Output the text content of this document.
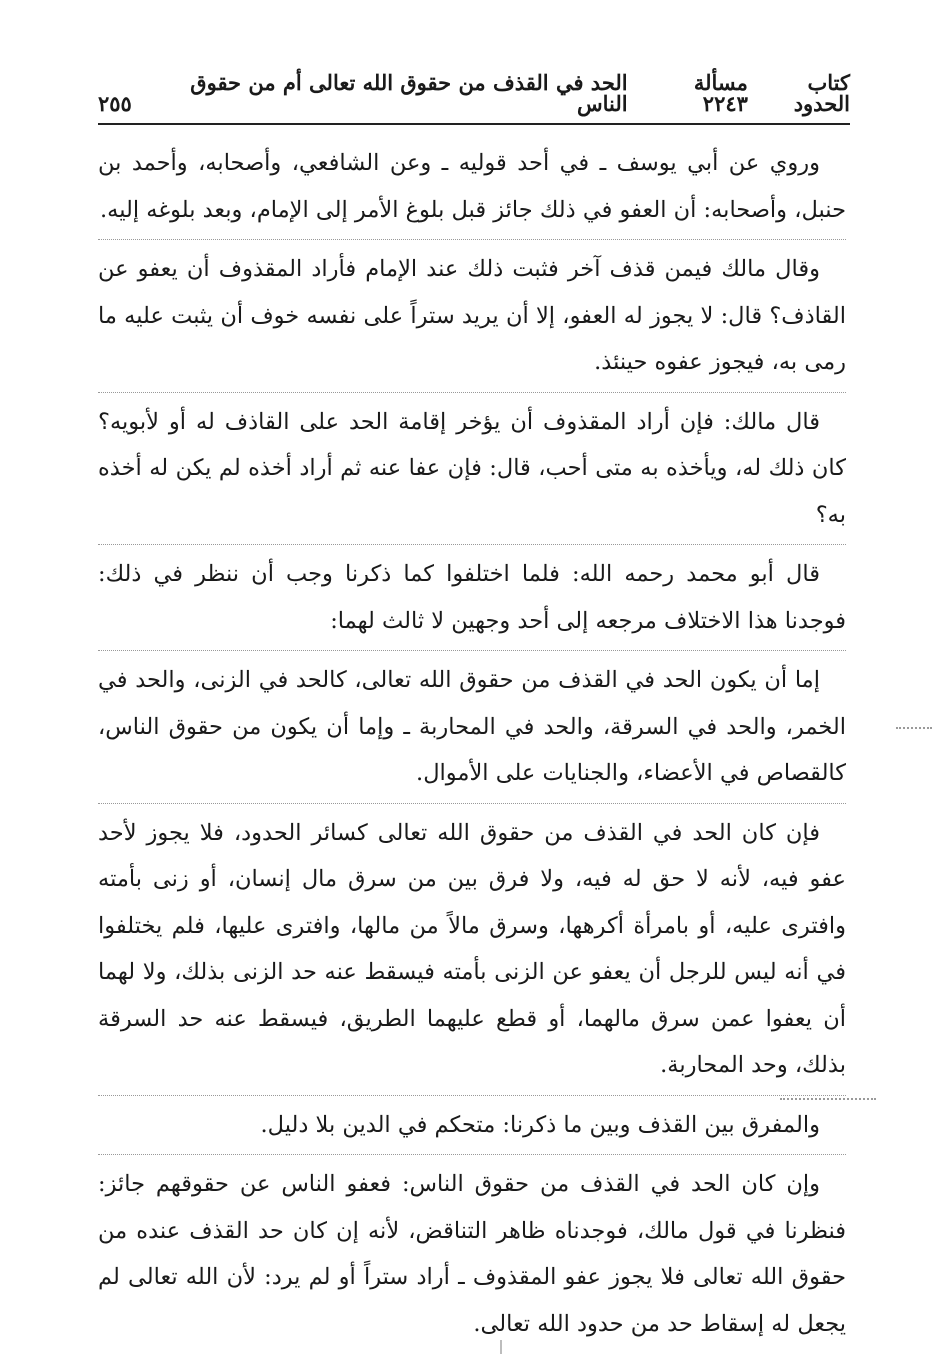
كتاب الحدود
مسألة ٢٢٤٣
الحد في القذف من حقوق الله تعالى أم من حقوق الناس
٢٥٥

وروي عن أبي يوسف ـ في أحد قوليه ـ وعن الشافعي، وأصحابه، وأحمد بن حنبل، وأصحابه: أن العفو في ذلك جائز قبل بلوغ الأمر إلى الإمام، وبعد بلوغه إليه.

وقال مالك فيمن قذف آخر فثبت ذلك عند الإمام فأراد المقذوف أن يعفو عن القاذف؟ قال: لا يجوز له العفو، إلا أن يريد ستراً على نفسه خوف أن يثبت عليه ما رمى به، فيجوز عفوه حينئذ.

قال مالك: فإن أراد المقذوف أن يؤخر إقامة الحد على القاذف له أو لأبويه؟ كان ذلك له، ويأخذه به متى أحب، قال: فإن عفا عنه ثم أراد أخذه لم يكن له أخذه به؟

قال أبو محمد رحمه الله: فلما اختلفوا كما ذكرنا وجب أن ننظر في ذلك: فوجدنا هذا الاختلاف مرجعه إلى أحد وجهين لا ثالث لهما:

إما أن يكون الحد في القذف من حقوق الله تعالى، كالحد في الزنى، والحد في الخمر، والحد في السرقة، والحد في المحاربة ـ وإما أن يكون من حقوق الناس، كالقصاص في الأعضاء، والجنايات على الأموال.

فإن كان الحد في القذف من حقوق الله تعالى كسائر الحدود، فلا يجوز لأحد عفو فيه، لأنه لا حق له فيه، ولا فرق بين من سرق مال إنسان، أو زنى بأمته وافترى عليه، أو بامرأة أكرهها، وسرق مالاً من مالها، وافترى عليها، فلم يختلفوا في أنه ليس للرجل أن يعفو عن الزنى بأمته فيسقط عنه حد الزنى بذلك، ولا لهما أن يعفوا عمن سرق مالهما، أو قطع عليهما الطريق، فيسقط عنه حد السرقة بذلك، وحد المحاربة.

والمفرق بين القذف وبين ما ذكرنا: متحكم في الدين بلا دليل.

وإن كان الحد في القذف من حقوق الناس: فعفو الناس عن حقوقهم جائز: فنظرنا في قول مالك، فوجدناه ظاهر التناقض، لأنه إن كان حد القذف عنده من حقوق الله تعالى فلا يجوز عفو المقذوف ـ أراد ستراً أو لم يرد: لأن الله تعالى لم يجعل له إسقاط حد من حدود الله تعالى.
